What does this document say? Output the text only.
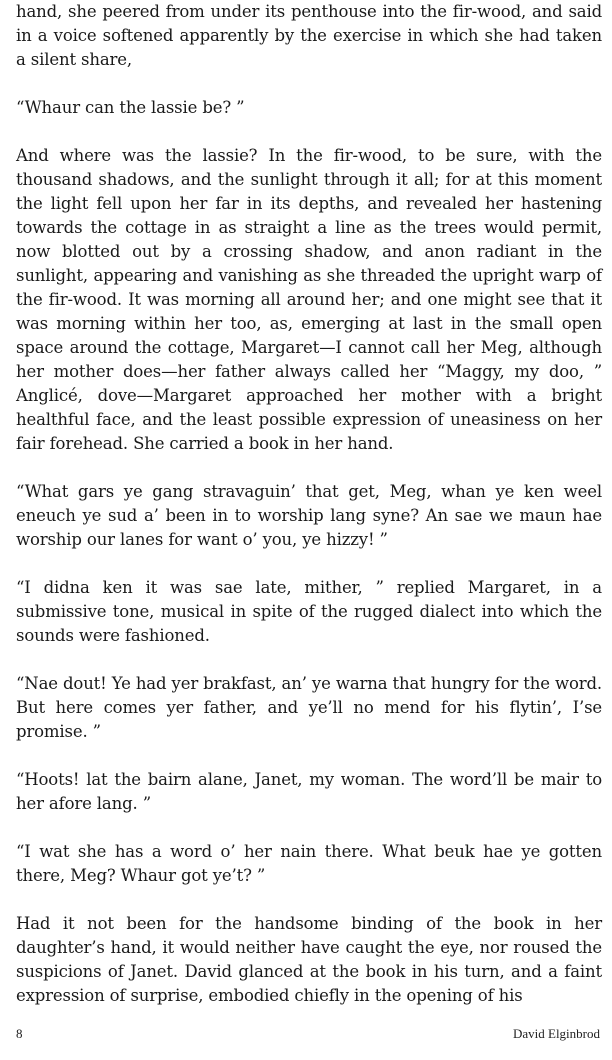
hand, she peered from under its penthouse into the fir-wood, and said in a voice softened apparently by the exercise in which she had taken a silent share,

“Whaur can the lassie be? ”

And where was the lassie? In the fir-wood, to be sure, with the thousand shadows, and the sunlight through it all; for at this moment the light fell upon her far in its depths, and revealed her hastening towards the cottage in as straight a line as the trees would permit, now blotted out by a crossing shadow, and anon radiant in the sunlight, appearing and vanishing as she threaded the upright warp of the fir-wood. It was morning all around her; and one might see that it was morning within her too, as, emerging at last in the small open space around the cottage, Margaret—I cannot call her Meg, although her mother does—her father always called her “Maggy, my doo, ” Anglicé, dove—Margaret approached her mother with a bright healthful face, and the least possible expression of uneasiness on her fair forehead. She carried a book in her hand.

“What gars ye gang stravaguin’ that get, Meg, whan ye ken weel eneuch ye sud a’ been in to worship lang syne? An sae we maun hae worship our lanes for want o’ you, ye hizzy! ”

“I didna ken it was sae late, mither, ” replied Margaret, in a submissive tone, musical in spite of the rugged dialect into which the sounds were fashioned.

“Nae dout! Ye had yer brakfast, an’ ye warna that hungry for the word. But here comes yer father, and ye’ll no mend for his flytin’, I’se promise. ”

“Hoots! lat the bairn alane, Janet, my woman. The word’ll be mair to her afore lang. ”

“I wat she has a word o’ her nain there. What beuk hae ye gotten there, Meg? Whaur got ye’t? ”

Had it not been for the handsome binding of the book in her daughter’s hand, it would neither have caught the eye, nor roused the suspicions of Janet. David glanced at the book in his turn, and a faint expression of surprise, embodied chiefly in the opening of his

8	David Elginbrod
